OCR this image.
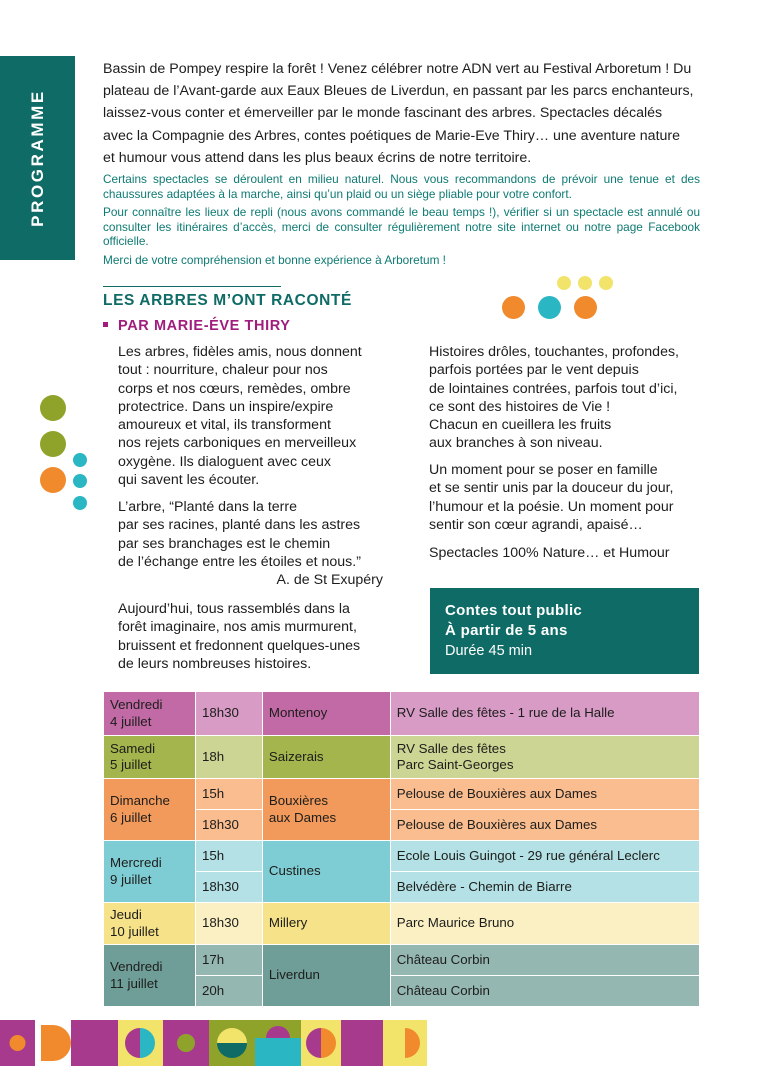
PROGRAMME
Bassin de Pompey respire la forêt ! Venez célébrer notre ADN vert au Festival Arboretum ! Du
plateau de l’Avant-garde aux Eaux Bleues de Liverdun, en passant par les parcs enchanteurs,
laissez-vous conter et émerveiller par le monde fascinant des arbres. Spectacles décalés
avec la Compagnie des Arbres, contes poétiques de Marie-Eve Thiry… une aventure nature
et humour vous attend dans les plus beaux écrins de notre territoire.

Certains spectacles se déroulent en milieu naturel. Nous vous recommandons de prévoir une tenue et des chaussures adaptées à la marche, ainsi qu’un plaid ou un siège pliable pour votre confort.

Pour connaître les lieux de repli (nous avons commandé le beau temps !), vérifier si un spectacle est annulé ou consulter les itinéraires d’accès, merci de consulter régulièrement notre site internet ou notre page Facebook officielle.

Merci de votre compréhension et bonne expérience à Arboretum !

LES ARBRES M’ONT RACONTÉ
PAR MARIE-ÉVE THIRY
Les arbres, fidèles amis, nous donnent
tout : nourriture, chaleur pour nos
corps et nos cœurs, remèdes, ombre
protectrice. Dans un inspire/expire
amoureux et vital, ils transforment
nos rejets carboniques en merveilleux
oxygène. Ils dialoguent avec ceux
qui savent les écouter.
L’arbre, “Planté dans la terre
par ses racines, planté dans les astres
par ses branchages est le chemin
de l’échange entre les étoiles et nous.”
A. de St Exupéry
Aujourd’hui, tous rassemblés dans la
forêt imaginaire, nos amis murmurent,
bruissent et fredonnent quelques-unes
de leurs nombreuses histoires.
Histoires drôles, touchantes, profondes,
parfois portées par le vent depuis
de lointaines contrées, parfois tout d’ici,
ce sont des histoires de Vie !
Chacun en cueillera les fruits
aux branches à son niveau.
Un moment pour se poser en famille
et se sentir unis par la douceur du jour,
l’humour et la poésie. Un moment pour
sentir son cœur agrandi, apaisé…
Spectacles 100% Nature… et Humour
Contes tout public
À partir de 5 ans
Durée 45 min
Vendredi
4 juillet	18h30	Montenoy	RV Salle des fêtes - 1 rue de la Halle
Samedi
5 juillet	18h	Saizerais	RV Salle des fêtes
Parc Saint-Georges
Dimanche
6 juillet	15h	Bouxières
aux Dames	Pelouse de Bouxières aux Dames
	18h30		Pelouse de Bouxières aux Dames
Mercredi
9 juillet	15h	Custines	Ecole Louis Guingot - 29 rue général Leclerc
	18h30		Belvédère - Chemin de Biarre
Jeudi
10 juillet	18h30	Millery	Parc Maurice Bruno
Vendredi
11 juillet	17h	Liverdun	Château Corbin
	20h		Château Corbin
